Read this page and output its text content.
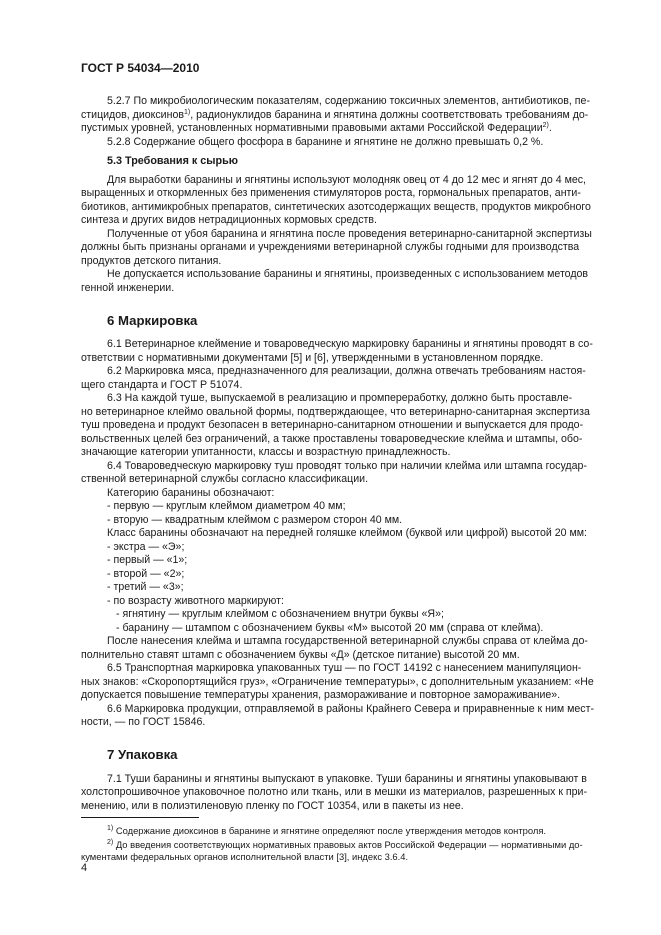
ГОСТ Р 54034—2010

5.2.7 По микробиологическим показателям, содержанию токсичных элементов, антибиотиков, пе-

стицидов, диоксинов$^{1)}$, радионуклидов баранина и ягнятина должны соответствовать требованиям до-

пустимых уровней, установленных нормативными правовыми актами Российской Федерации$^{2)}$.

5.2.8 Содержание общего фосфора в баранине и ягнятине не должно превышать 0,2 %.

5.3 Требования к сырью

Для выработки баранины и ягнятины используют молодняк овец от 4 до 12 мес и ягнят до 4 мес,

выращенных и откормленных без применения стимуляторов роста, гормональных препаратов, анти-

биотиков, антимикробных препаратов, синтетических азотсодержащих веществ, продуктов микробного

синтеза и других видов нетрадиционных кормовых средств.

Полученные от убоя баранина и ягнятина после проведения ветеринарно-санитарной экспертизы

должны быть признаны органами и учреждениями ветеринарной службы годными для производства

продуктов детского питания.

Не допускается использование баранины и ягнятины, произведенных с использованием методов

генной инженерии.

6 Маркировка

6.1 Ветеринарное клеймение и товароведческую маркировку баранины и ягнятины проводят в со-

ответствии с нормативными документами [5] и [6], утвержденными в установленном порядке.

6.2 Маркировка мяса, предназначенного для реализации, должна отвечать требованиям настоя-

щего стандарта и ГОСТ Р 51074.

6.3 На каждой туше, выпускаемой в реализацию и промпереработку, должно быть проставле-

но ветеринарное клеймо овальной формы, подтверждающее, что ветеринарно-санитарная экспертиза

туш проведена и продукт безопасен в ветеринарно-санитарном отношении и выпускается для продо-

вольственных целей без ограничений, а также проставлены товароведческие клейма и штампы, обо-

значающие категории упитанности, классы и возрастную принадлежность.

6.4 Товароведческую маркировку туш проводят только при наличии клейма или штампа государ-

ственной ветеринарной службы согласно классификации.

Категорию баранины обозначают:

- первую — круглым клеймом диаметром 40 мм;

- вторую — квадратным клеймом с размером сторон 40 мм.

Класс баранины обозначают на передней голяшке клеймом (буквой или цифрой) высотой 20 мм:

- экстра — «Э»;

- первый — «1»;

- второй — «2»;

- третий — «3»;

- по возрасту животного маркируют:

- ягнятину — круглым клеймом с обозначением внутри буквы «Я»;

- баранину — штампом с обозначением буквы «М» высотой 20 мм (справа от клейма).

После нанесения клейма и штампа государственной ветеринарной службы справа от клейма до-

полнительно ставят штамп с обозначением буквы «Д» (детское питание) высотой 20 мм.

6.5 Транспортная маркировка упакованных туш — по ГОСТ 14192 с нанесением манипуляцион-

ных знаков: «Скоропортящийся груз», «Ограничение температуры», с дополнительным указанием: «Не

допускается повышение температуры хранения, размораживание и повторное замораживание».

6.6 Маркировка продукции, отправляемой в районы Крайнего Севера и приравненные к ним мест-

ности, — по ГОСТ 15846.

7 Упаковка

7.1 Туши баранины и ягнятины выпускают в упаковке. Туши баранины и ягнятины упаковывают в

холстопрошивочное упаковочное полотно или ткань, или в мешки из материалов, разрешенных к при-

менению, или в полиэтиленовую пленку по ГОСТ 10354, или в пакеты из нее.

$^{1)}$ Содержание диоксинов в баранине и ягнятине определяют после утверждения методов контроля.

$^{2)}$ До введения соответствующих нормативных правовых актов Российской Федерации — нормативными до-

кументами федеральных органов исполнительной власти [3], индекс 3.6.4.

4
